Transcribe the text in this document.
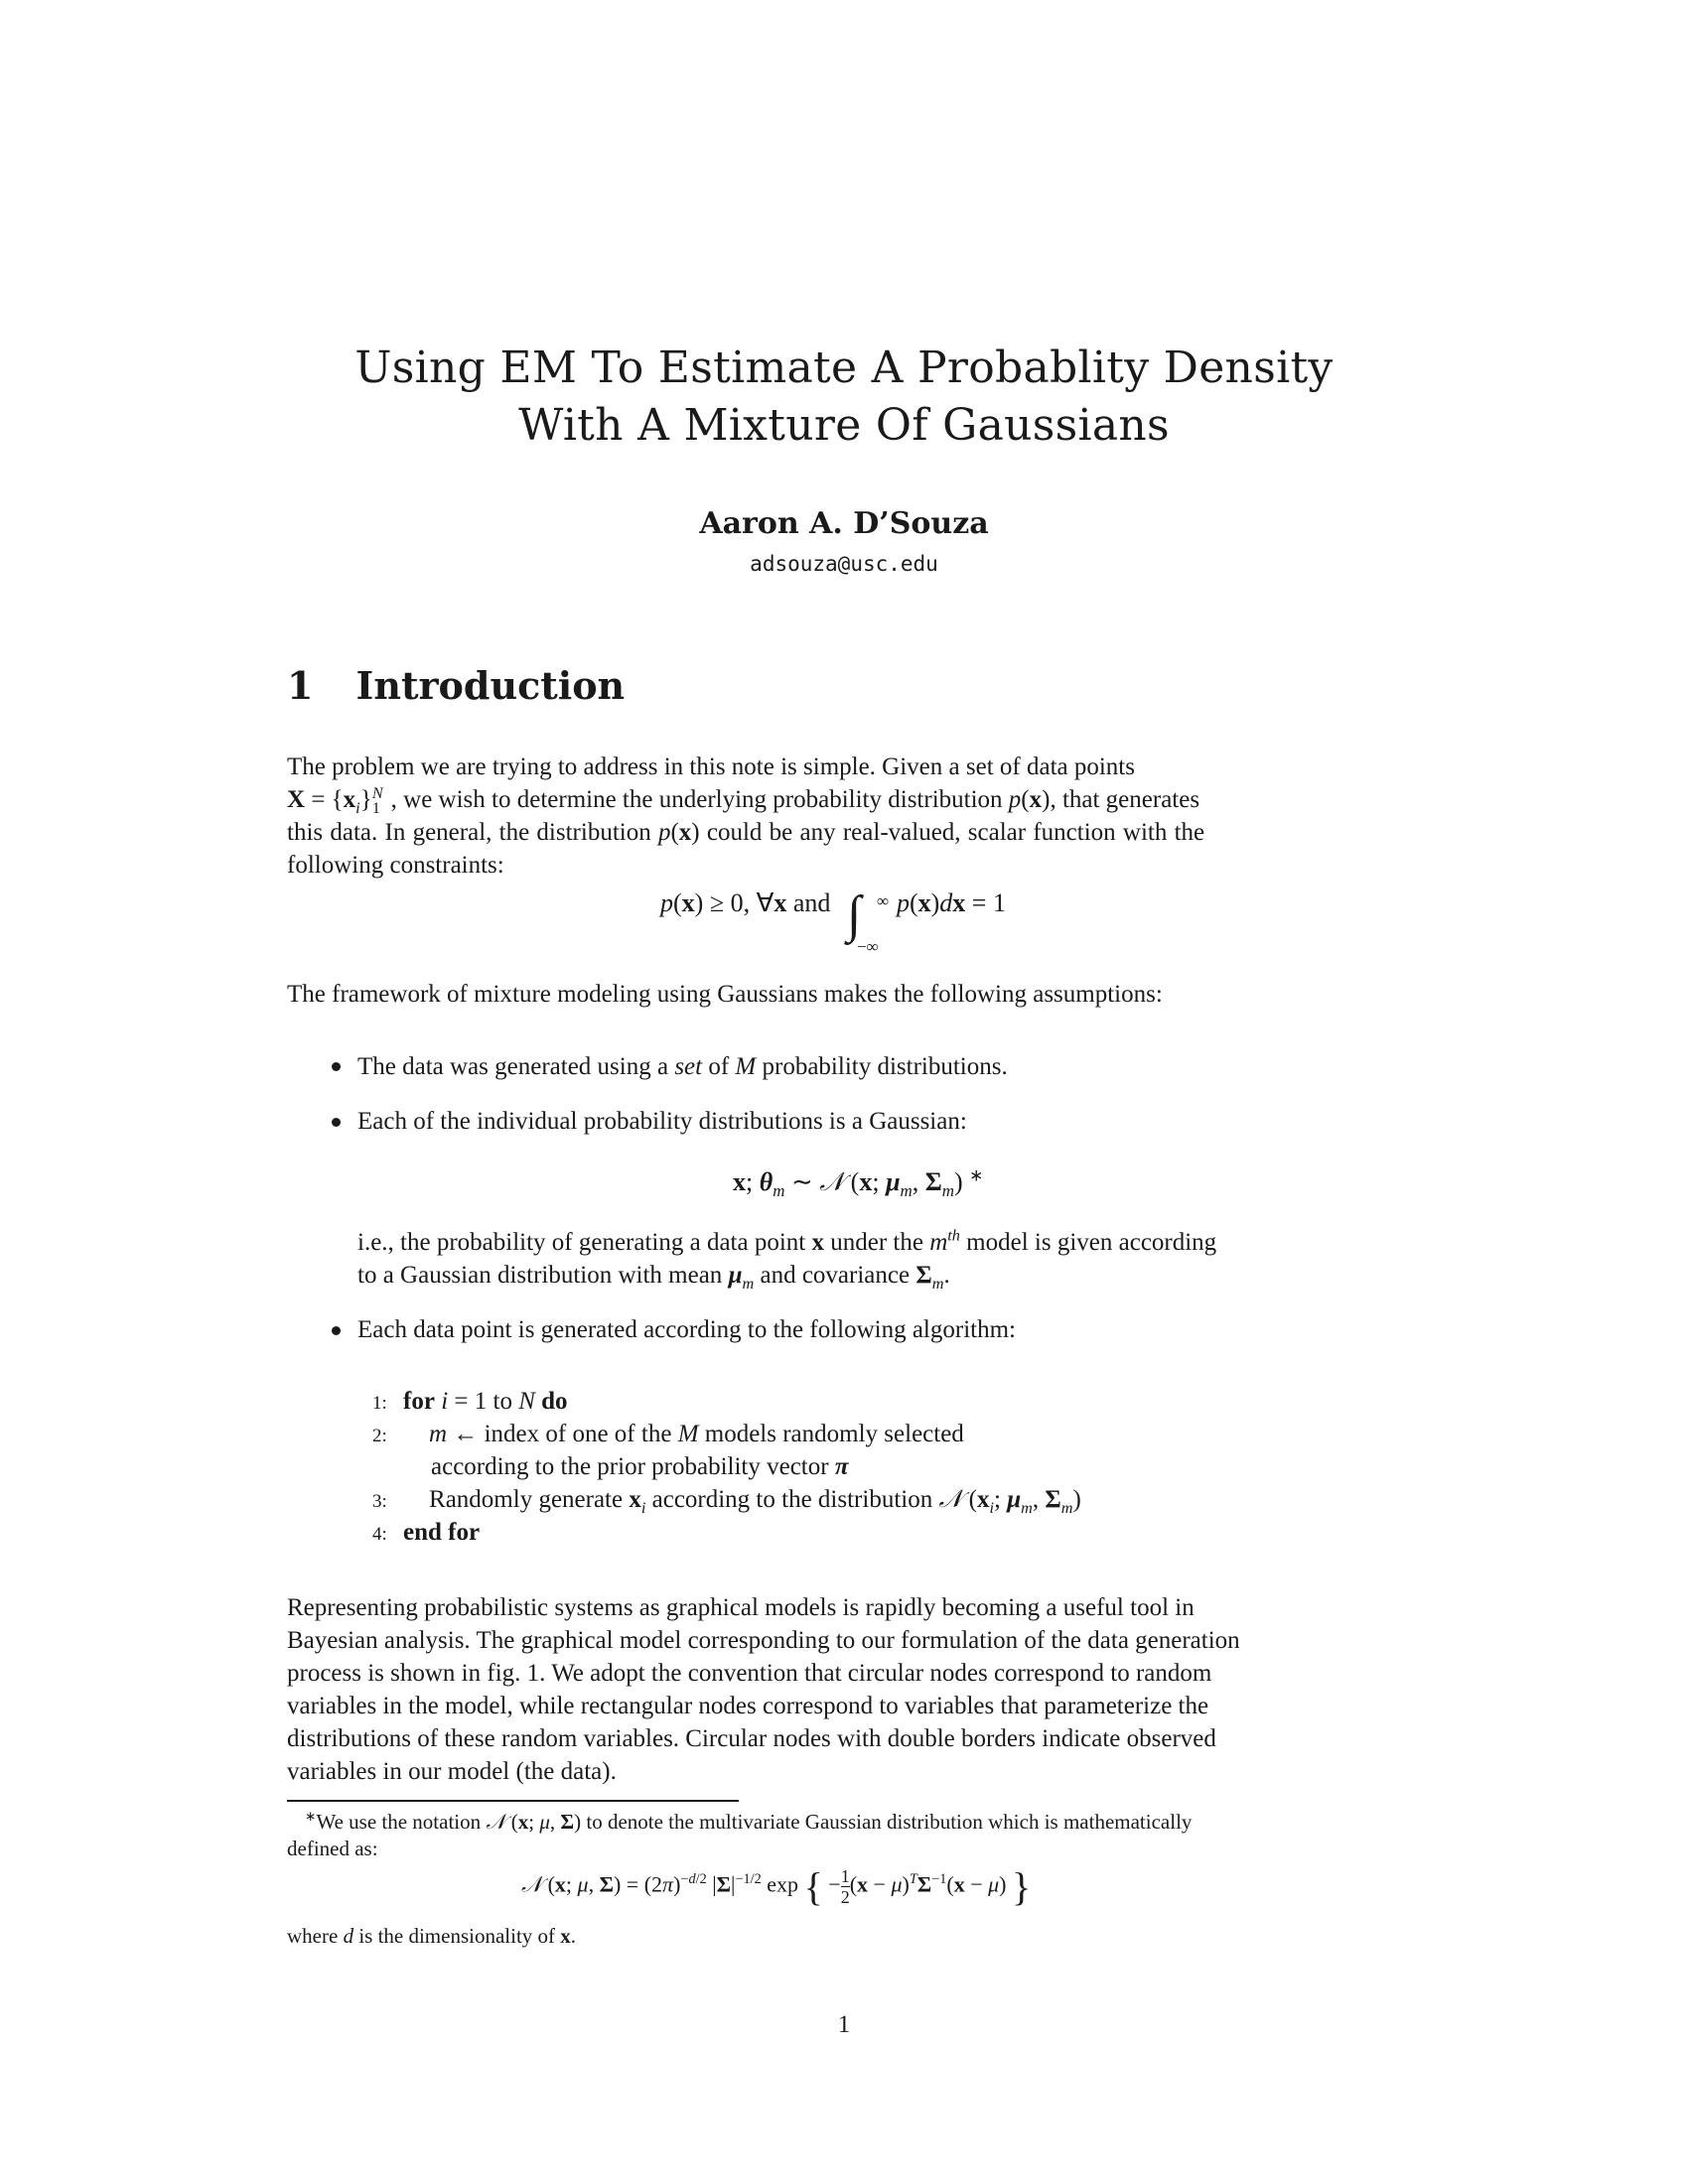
Using EM To Estimate A Probablity Density
With A Mixture Of Gaussians
Aaron A. D’Souza
adsouza@usc.edu
1 Introduction
The problem we are trying to address in this note is simple. Given a set of data points
$X = \{x_i\}_1^N$ , we wish to determine the underlying probability distribution p(x), that generates
this data. In general, the distribution p(x) could be any real-valued, scalar function with the
following constraints:
p(x) ≥ 0, ∀x and ∫ ∞
−∞
p(x)dx = 1
The framework of mixture modeling using Gaussians makes the following assumptions:
The data was generated using a set of M probability distributions.
Each of the individual probability distributions is a Gaussian:
x; $\theta_m$ ∼ 𝒩 (x; $\mu_m$, $\Sigma_m$) ∗
i.e., the probability of generating a data point x under the $m^{th}$ model is given according
to a Gaussian distribution with mean $\mu_m$ and covariance $\Sigma_m$.
Each data point is generated according to the following algorithm:
1: for i = 1 to N do
2: m ← index of one of the M models randomly selected
according to the prior probability vector π
3: Randomly generate $x_i$ according to the distribution 𝒩 ($x_i$; $\mu_m$, $\Sigma_m$)
4: end for
Representing probabilistic systems as graphical models is rapidly becoming a useful tool in
Bayesian analysis. The graphical model corresponding to our formulation of the data generation
process is shown in fig. 1. We adopt the convention that circular nodes correspond to random
variables in the model, while rectangular nodes correspond to variables that parameterize the
distributions of these random variables. Circular nodes with double borders indicate observed
variables in our model (the data).
∗We use the notation 𝒩 (x; μ, Σ) to denote the multivariate Gaussian distribution which is mathematically
defined as:
𝒩 (x; μ, $\Sigma) = (2\pi)^{-d/2}$ $|\Sigma|^{-1/2}$ exp { − $\frac{1}{2} (x - \mu)^T\Sigma^{-1}(x - \mu)$ }
where d is the dimensionality of x.
1
